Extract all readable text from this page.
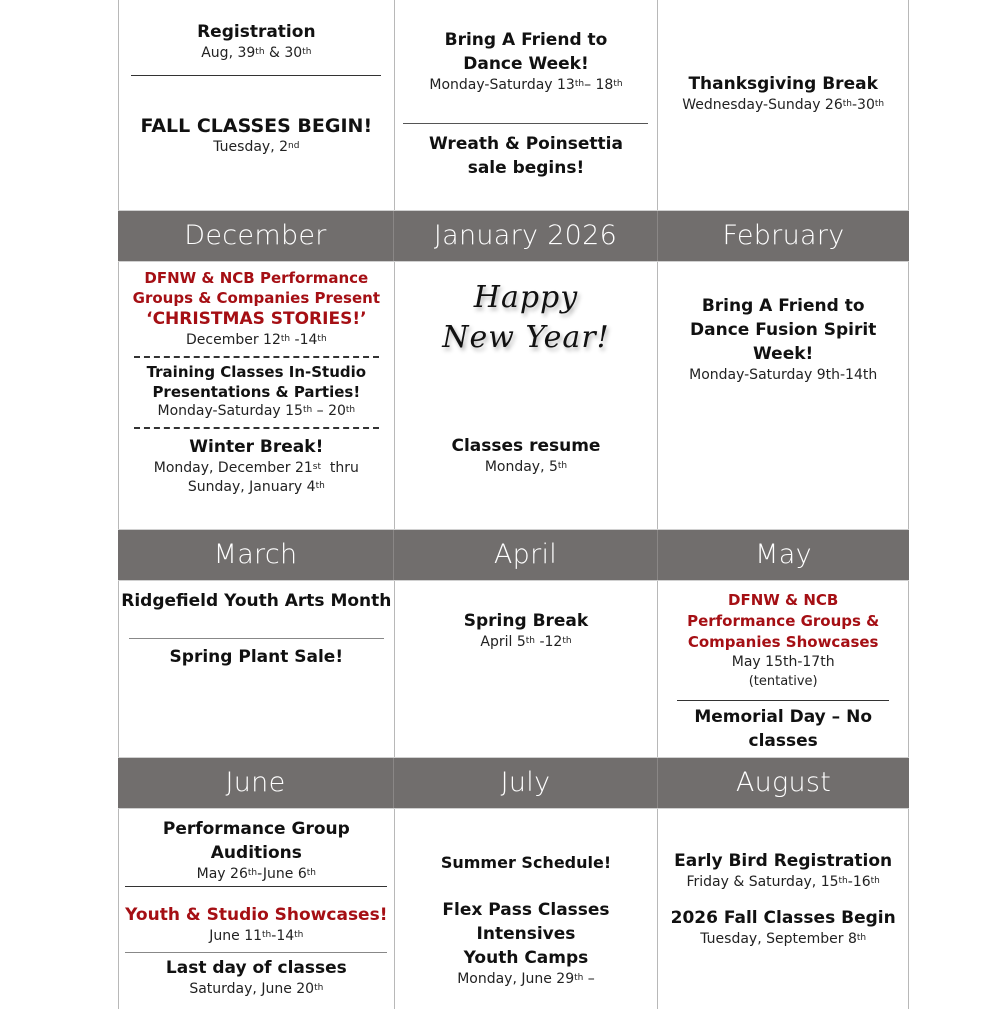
Registration
Aug, 39th & 30th
FALL CLASSES BEGIN!
Tuesday, 2nd
Bring A Friend to
Dance Week!
Monday-Saturday 13th– 18th
Wreath & Poinsettia
sale begins!
Thanksgiving Break
Wednesday-Sunday 26th-30th
December	January 2026	February
DFNW & NCB Performance
Groups & Companies Present
‘CHRISTMAS STORIES!’
December 12th -14th
Training Classes In-Studio
Presentations & Parties!
Monday-Saturday 15th – 20th
Winter Break!
Monday, December 21st  thru
Sunday, January 4th
Happy
New Year!
Classes resume
Monday, 5th
Bring A Friend to
Dance Fusion Spirit
Week!
Monday-Saturday 9th-14th
March	April	May
Ridgefield Youth Arts Month
Spring Plant Sale!
Spring Break
April 5th -12th
DFNW & NCB
Performance Groups &
Companies Showcases
May 15th-17th
(tentative)
Memorial Day – No
classes
June	July	August
Performance Group
Auditions
May 26th-June 6th
Youth & Studio Showcases!
June 11th-14th
Last day of classes
Saturday, June 20th
Summer Schedule!
Flex Pass Classes
Intensives
Youth Camps
Monday, June 29th –
Early Bird Registration
Friday & Saturday, 15th-16th
2026 Fall Classes Begin
Tuesday, September 8th
